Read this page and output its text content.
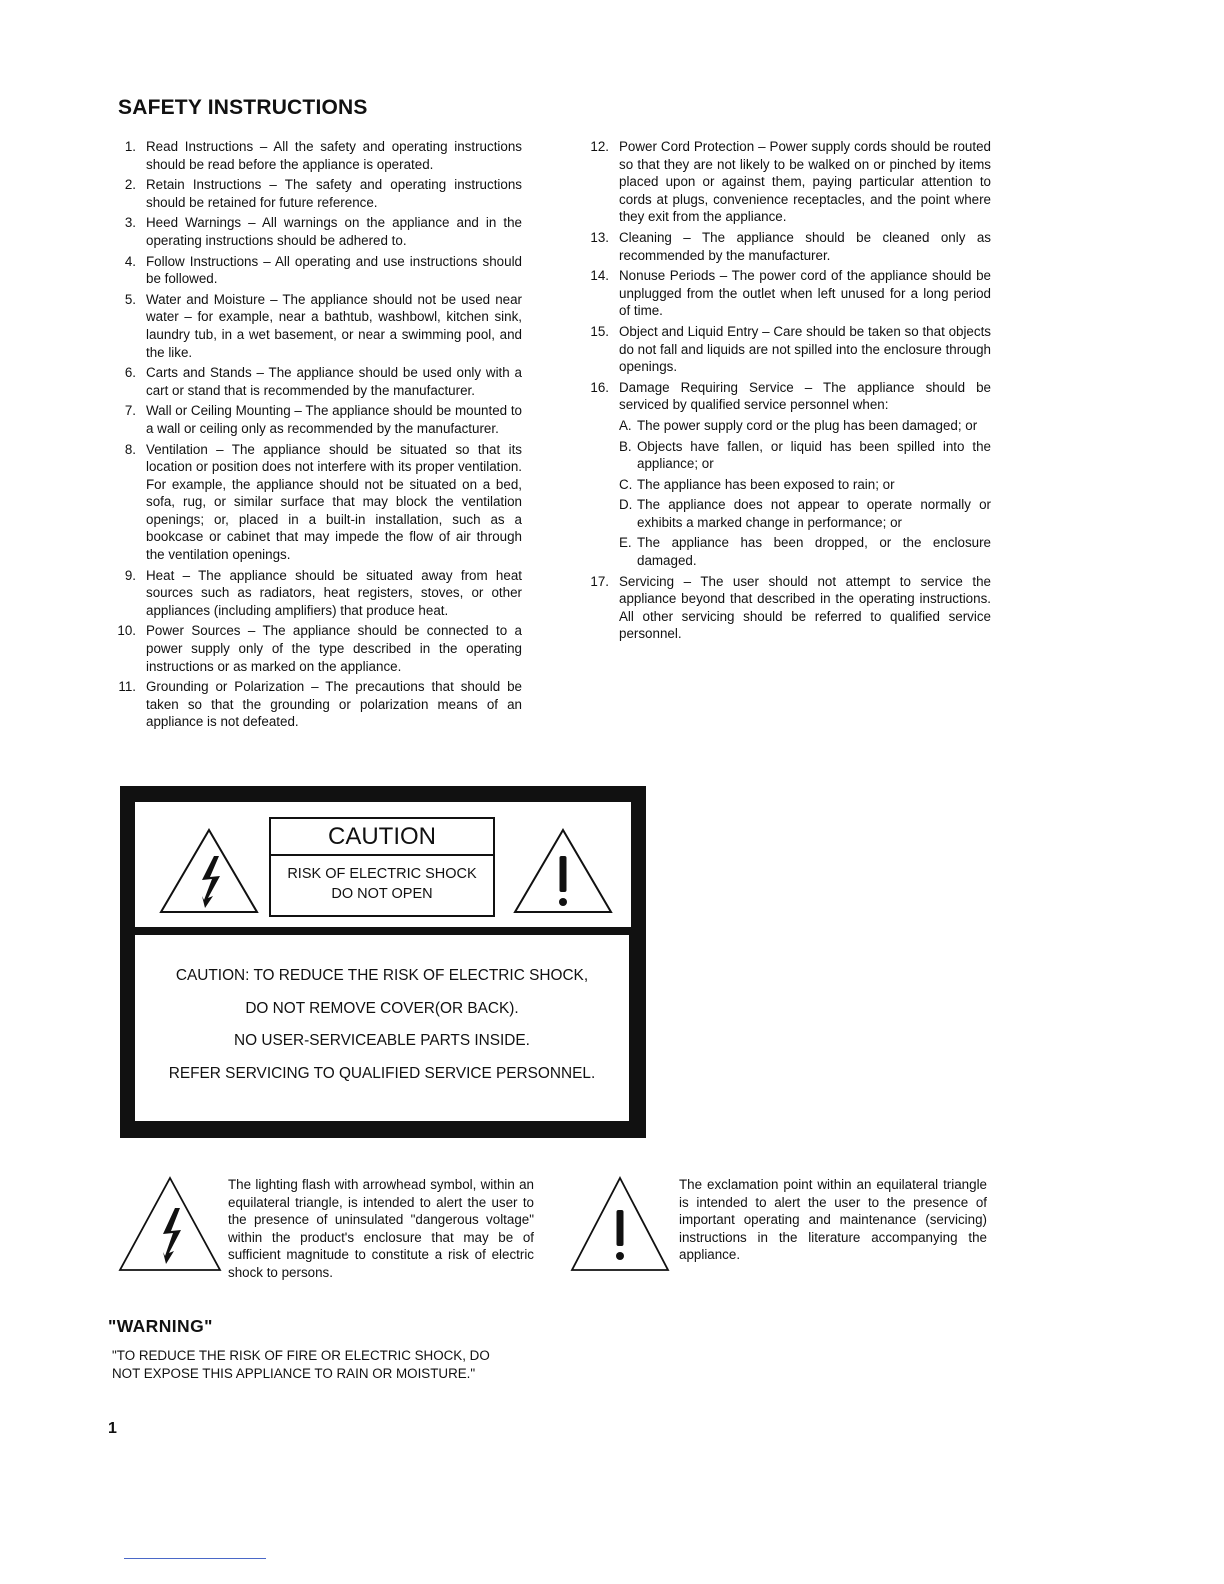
SAFETY INSTRUCTIONS
1. Read Instructions – All the safety and operating instructions should be read before the appliance is operated.
2. Retain Instructions – The safety and operating instructions should be retained for future reference.
3. Heed Warnings – All warnings on the appliance and in the operating instructions should be adhered to.
4. Follow Instructions – All operating and use instructions should be followed.
5. Water and Moisture – The appliance should not be used near water – for example, near a bathtub, washbowl, kitchen sink, laundry tub, in a wet basement, or near a swimming pool, and the like.
6. Carts and Stands – The appliance should be used only with a cart or stand that is recommended by the manufacturer.
7. Wall or Ceiling Mounting – The appliance should be mounted to a wall or ceiling only as recommended by the manufacturer.
8. Ventilation – The appliance should be situated so that its location or position does not interfere with its proper ventilation. For example, the appliance should not be situated on a bed, sofa, rug, or similar surface that may block the ventilation openings; or, placed in a built-in installation, such as a bookcase or cabinet that may impede the flow of air through the ventilation openings.
9. Heat – The appliance should be situated away from heat sources such as radiators, heat registers, stoves, or other appliances (including amplifiers) that produce heat.
10. Power Sources – The appliance should be connected to a power supply only of the type described in the operating instructions or as marked on the appliance.
11. Grounding or Polarization – The precautions that should be taken so that the grounding or polarization means of an appliance is not defeated.
12. Power Cord Protection – Power supply cords should be routed so that they are not likely to be walked on or pinched by items placed upon or against them, paying particular attention to cords at plugs, convenience receptacles, and the point where they exit from the appliance.
13. Cleaning – The appliance should be cleaned only as recommended by the manufacturer.
14. Nonuse Periods – The power cord of the appliance should be unplugged from the outlet when left unused for a long period of time.
15. Object and Liquid Entry – Care should be taken so that objects do not fall and liquids are not spilled into the enclosure through openings.
16. Damage Requiring Service – The appliance should be serviced by qualified service personnel when:
A. The power supply cord or the plug has been damaged; or
B. Objects have fallen, or liquid has been spilled into the appliance; or
C. The appliance has been exposed to rain; or
D. The appliance does not appear to operate normally or exhibits a marked change in performance; or
E. The appliance has been dropped, or the enclosure damaged.
17. Servicing – The user should not attempt to service the appliance beyond that described in the operating instructions. All other servicing should be referred to qualified service personnel.
CAUTION
RISK OF ELECTRIC SHOCK
DO NOT OPEN
CAUTION: TO REDUCE THE RISK OF ELECTRIC SHOCK,
DO NOT REMOVE COVER(OR BACK).
NO USER-SERVICEABLE PARTS INSIDE.
REFER SERVICING TO QUALIFIED SERVICE PERSONNEL.
The lighting flash with arrowhead symbol, within an equilateral triangle, is intended to alert the user to the presence of uninsulated "dangerous voltage" within the product's enclosure that may be of sufficient magnitude to constitute a risk of electric shock to persons.
The exclamation point within an equilateral triangle is intended to alert the user to the presence of important operating and maintenance (servicing) instructions in the literature accompanying the appliance.
"WARNING"
"TO REDUCE THE RISK OF FIRE OR ELECTRIC SHOCK, DO NOT EXPOSE THIS APPLIANCE TO RAIN OR MOISTURE."
1
